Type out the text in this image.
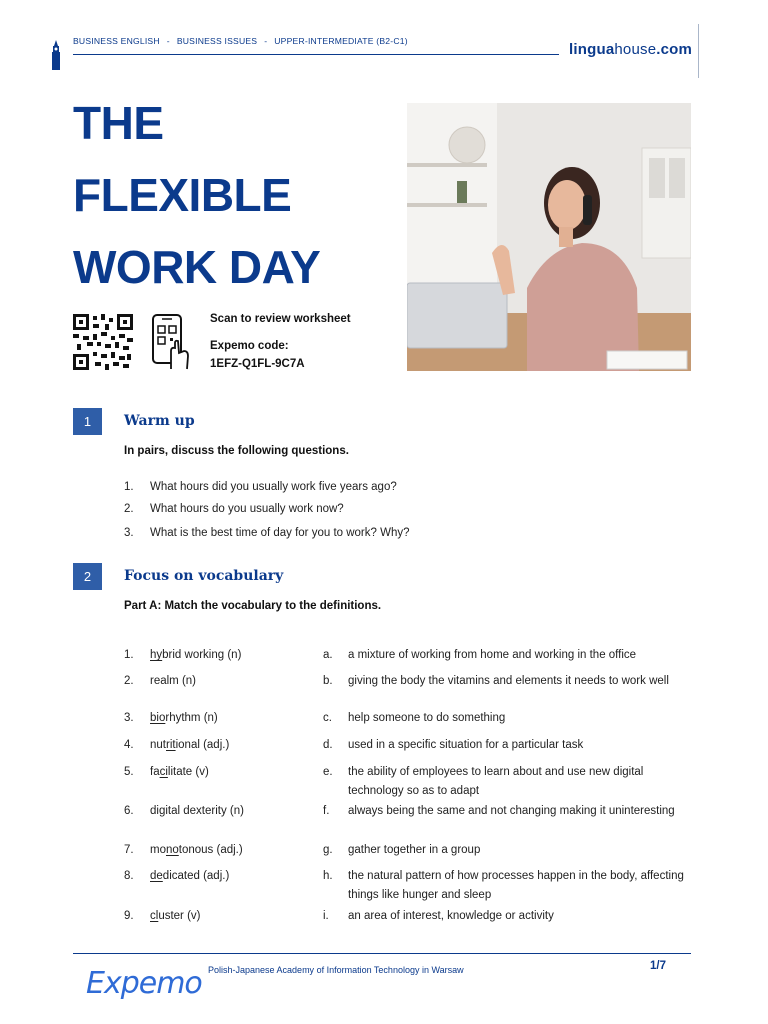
BUSINESS ENGLISH - BUSINESS ISSUES - UPPER-INTERMEDIATE (B2-C1)	linguahouse.com
THE
FLEXIBLE
WORK DAY
Scan to review worksheet
Expemo code:
1EFZ-Q1FL-9C7A
1	Warm up
In pairs, discuss the following questions.
1. What hours did you usually work five years ago?
2. What hours do you usually work now?
3. What is the best time of day for you to work? Why?
2	Focus on vocabulary
Part A: Match the vocabulary to the definitions.
1. hybrid working (n)	a. a mixture of working from home and working in the office
2. realm (n)	b. giving the body the vitamins and elements it needs to work well
3. biorhythm (n)	c. help someone to do something
4. nutritional (adj.)	d. used in a specific situation for a particular task
5. facilitate (v)	e. the ability of employees to learn about and use new digital technology so as to adapt
6. digital dexterity (n)	f. always being the same and not changing making it uninteresting
7. monotonous (adj.)	g. gather together in a group
8. dedicated (adj.)	h. the natural pattern of how processes happen in the body, affecting things like hunger and sleep
9. cluster (v)	i. an area of interest, knowledge or activity
Expemo Polish-Japanese Academy of Information Technology in Warsaw	1/7
